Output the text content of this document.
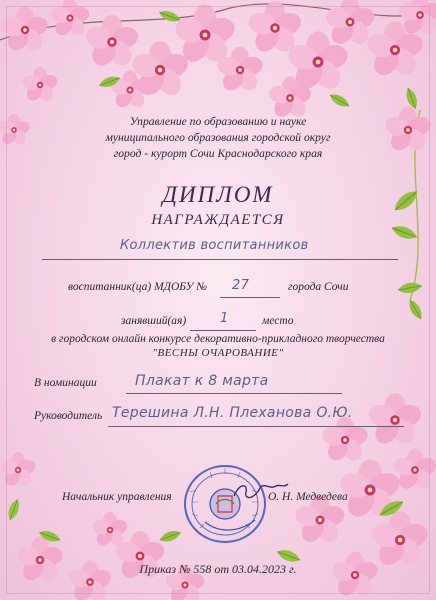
Управление по образованию и науке
муниципального образования городской округ
город - курорт Сочи Краснодарского края
ДИПЛОМ
НАГРАЖДАЕТСЯ
Коллектив воспитанников
воспитанник(ца) МДОБУ № 27	города Сочи
занявший(ая)	1	место
в городском онлайн конкурсе декоративно-прикладного творчества
"ВЕСНЫ ОЧАРОВАНИЕ"
В номинации	Плакат к 8 марта
Руководитель Терешина Л.Н. Плеханова О.Ю.
Начальник управления	О. Н. Медведева
Приказ № 558 от 03.04.2023 г.
